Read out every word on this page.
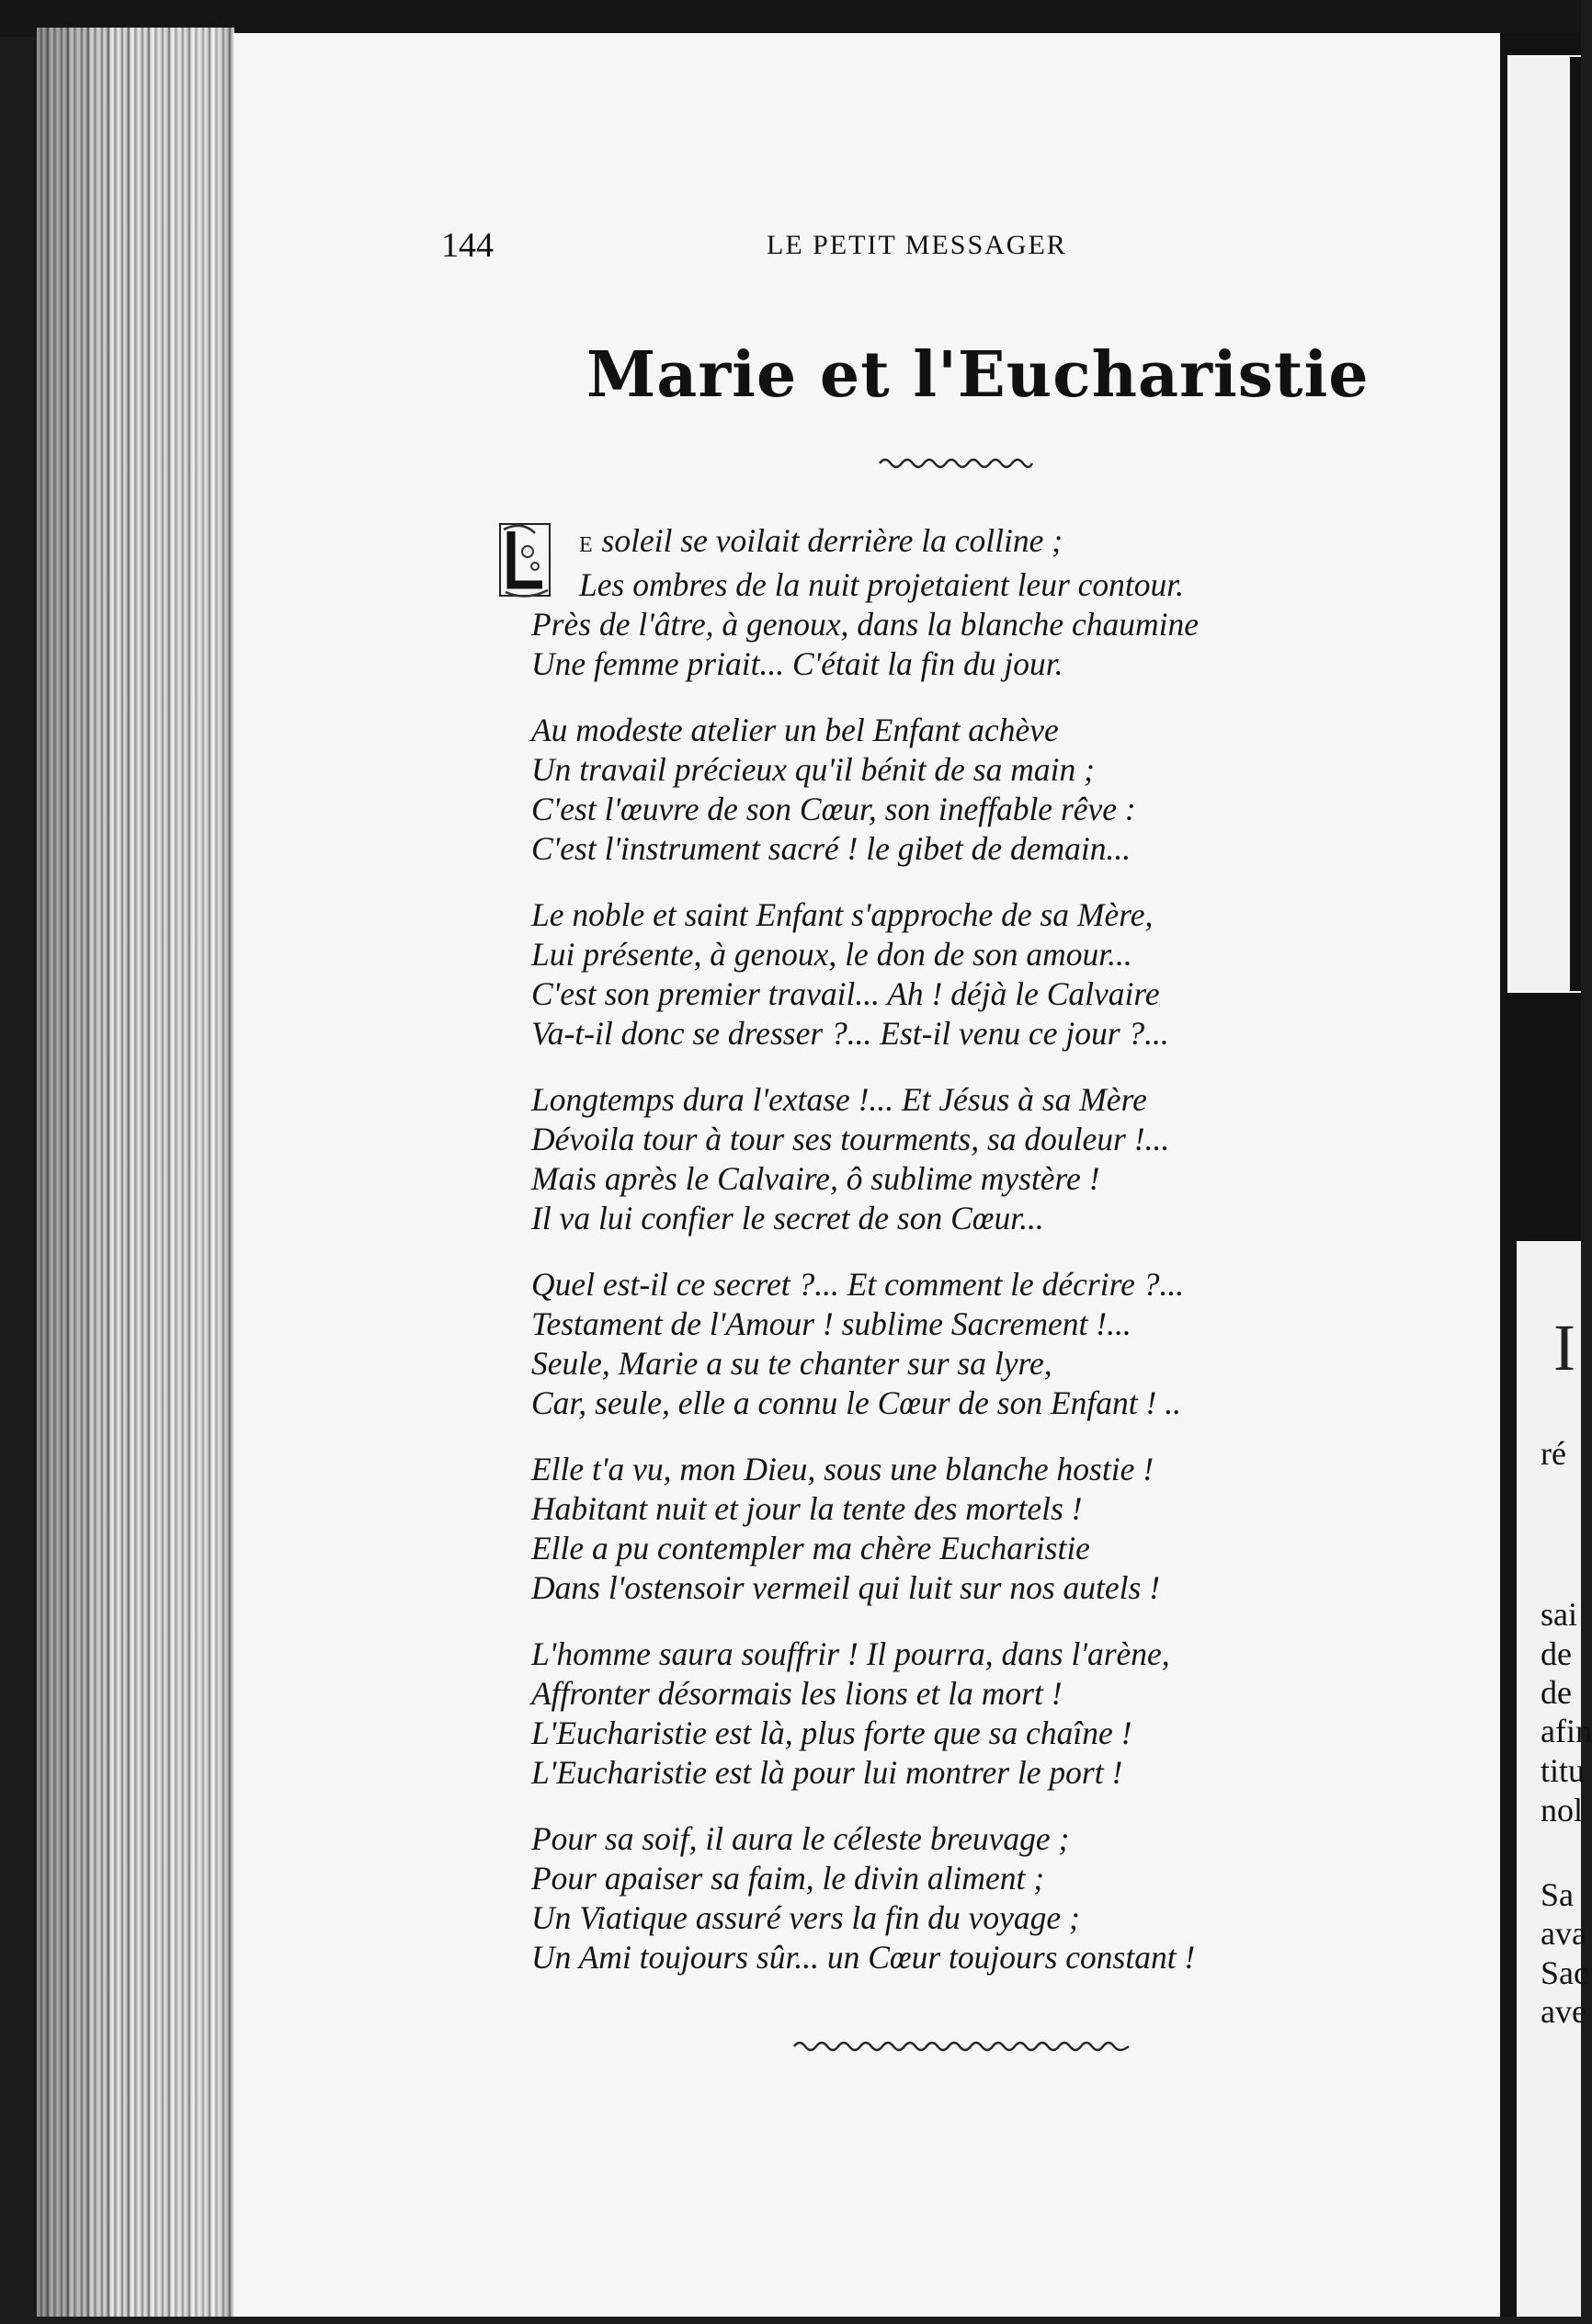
I
ré
sai
de
de
afin
titu
nol
Sa
ava
Sac
ave
144	LE PETIT MESSAGER
Marie et l'Eucharistie
E soleil se voilait derrière la colline ;
Les ombres de la nuit projetaient leur contour.
Près de l'âtre, à genoux, dans la blanche chaumine
Une femme priait... C'était la fin du jour.
Au modeste atelier un bel Enfant achève
Un travail précieux qu'il bénit de sa main ;
C'est l'œuvre de son Cœur, son ineffable rêve :
C'est l'instrument sacré ! le gibet de demain...
Le noble et saint Enfant s'approche de sa Mère,
Lui présente, à genoux, le don de son amour...
C'est son premier travail... Ah ! déjà le Calvaire
Va-t-il donc se dresser ?... Est-il venu ce jour ?...
Longtemps dura l'extase !... Et Jésus à sa Mère
Dévoila tour à tour ses tourments, sa douleur !...
Mais après le Calvaire, ô sublime mystère !
Il va lui confier le secret de son Cœur...
Quel est-il ce secret ?... Et comment le décrire ?...
Testament de l'Amour ! sublime Sacrement !...
Seule, Marie a su te chanter sur sa lyre,
Car, seule, elle a connu le Cœur de son Enfant ! ..
Elle t'a vu, mon Dieu, sous une blanche hostie !
Habitant nuit et jour la tente des mortels !
Elle a pu contempler ma chère Eucharistie
Dans l'ostensoir vermeil qui luit sur nos autels !
L'homme saura souffrir ! Il pourra, dans l'arène,
Affronter désormais les lions et la mort !
L'Eucharistie est là, plus forte que sa chaîne !
L'Eucharistie est là pour lui montrer le port !
Pour sa soif, il aura le céleste breuvage ;
Pour apaiser sa faim, le divin aliment ;
Un Viatique assuré vers la fin du voyage ;
Un Ami toujours sûr... un Cœur toujours constant !
